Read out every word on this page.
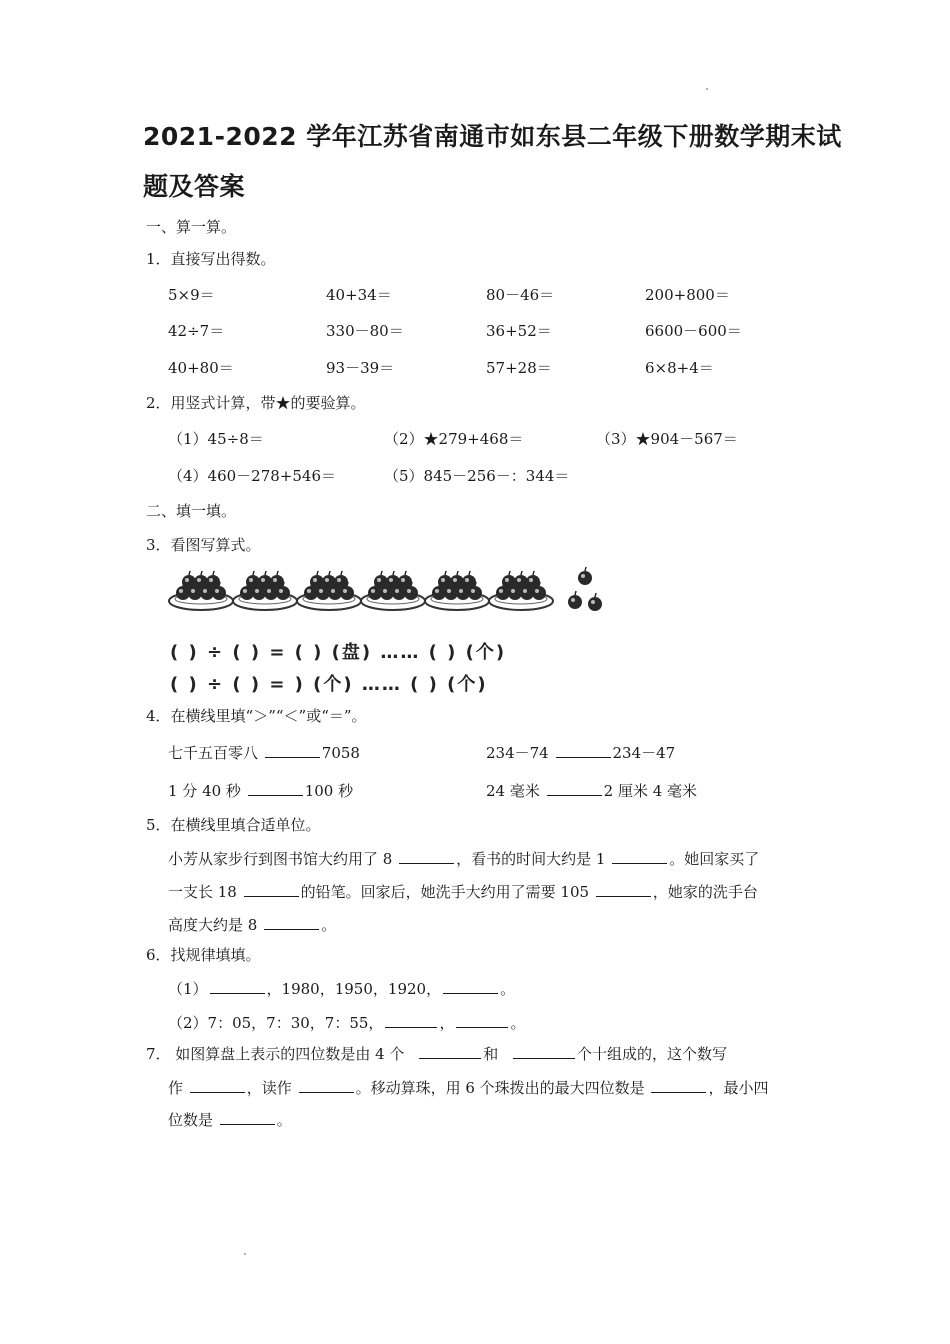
2021-2022 学年江苏省南通市如东县二年级下册数学期末试
题及答案
一、算一算。
1．直接写出得数。
5×9＝	40+34＝	80－46＝	200+800＝
42÷7＝	330－80＝	36+52＝	6600－600＝
40+80＝	93－39＝	57+28＝	6×8+4＝
2．用竖式计算，带★的要验算。
（1）45÷8＝	（2）★279+468＝	（3）★904－567＝
（4）460－278+546＝	（5）845－256－：344＝
二、填一填。
3．看图写算式。
( ) ÷ ( ) = ( ) (盘) …… ( ) (个)
( ) ÷ ( ) = ) (个) …… ( ) (个)
4．在横线里填“＞”“＜”或“＝”。
七千五百零八	7058	234－74	234－47
1 分 40 秒	100 秒	24 毫米	2 厘米 4 毫米
5．在横线里填合适单位。
小芳从家步行到图书馆大约用了 8	，看书的时间大约是 1	。她回家买了
一支长 18	的铅笔。回家后，她洗手大约用了需要 105	，她家的洗手台
高度大约是 8	。
6．找规律填填。
（1）	，1980，1950，1920，	。
（2）7：05，7：30，7：55，	，	。
7． 如图算盘上表示的四位数是由 4 个	和	个十组成的，这个数写
作	，读作	。移动算珠，用 6 个珠拨出的最大四位数是	，最小四
位数是	。
